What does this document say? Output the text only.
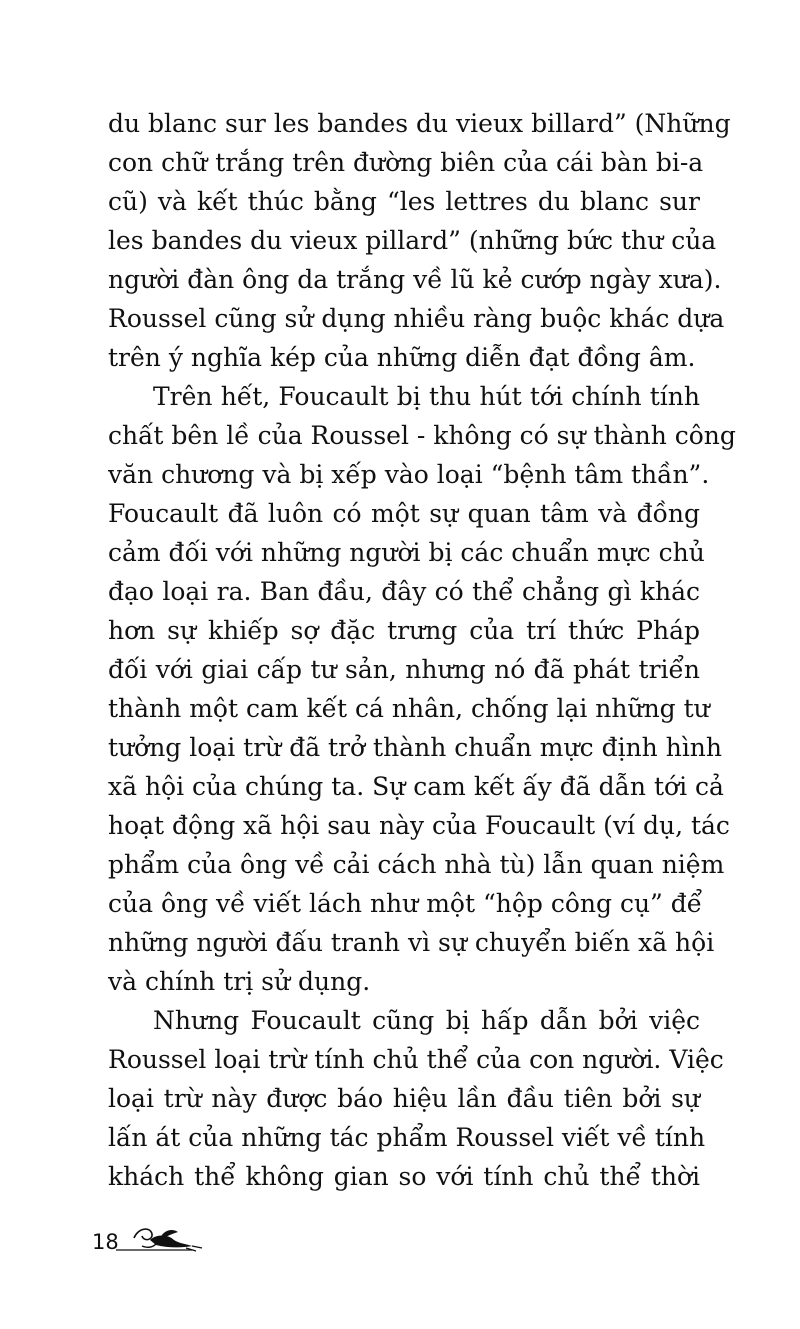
du blanc sur les bandes du vieux billard” (Những
con chữ trắng trên đường biên của cái bàn bi-a
cũ) và kết thúc bằng “les lettres du blanc sur
les bandes du vieux pillard” (những bức thư của
người đàn ông da trắng về lũ kẻ cướp ngày xưa).
Roussel cũng sử dụng nhiều ràng buộc khác dựa
trên ý nghĩa kép của những diễn đạt đồng âm.
Trên hết, Foucault bị thu hút tới chính tính
chất bên lề của Roussel - không có sự thành công
văn chương và bị xếp vào loại “bệnh tâm thần”.
Foucault đã luôn có một sự quan tâm và đồng
cảm đối với những người bị các chuẩn mực chủ
đạo loại ra. Ban đầu, đây có thể chẳng gì khác
hơn sự khiếp sợ đặc trưng của trí thức Pháp
đối với giai cấp tư sản, nhưng nó đã phát triển
thành một cam kết cá nhân, chống lại những tư
tưởng loại trừ đã trở thành chuẩn mực định hình
xã hội của chúng ta. Sự cam kết ấy đã dẫn tới cả
hoạt động xã hội sau này của Foucault (ví dụ, tác
phẩm của ông về cải cách nhà tù) lẫn quan niệm
của ông về viết lách như một “hộp công cụ” để
những người đấu tranh vì sự chuyển biến xã hội
và chính trị sử dụng.
Nhưng Foucault cũng bị hấp dẫn bởi việc
Roussel loại trừ tính chủ thể của con người. Việc
loại trừ này được báo hiệu lần đầu tiên bởi sự
lấn át của những tác phẩm Roussel viết về tính
khách thể không gian so với tính chủ thể thời
18
